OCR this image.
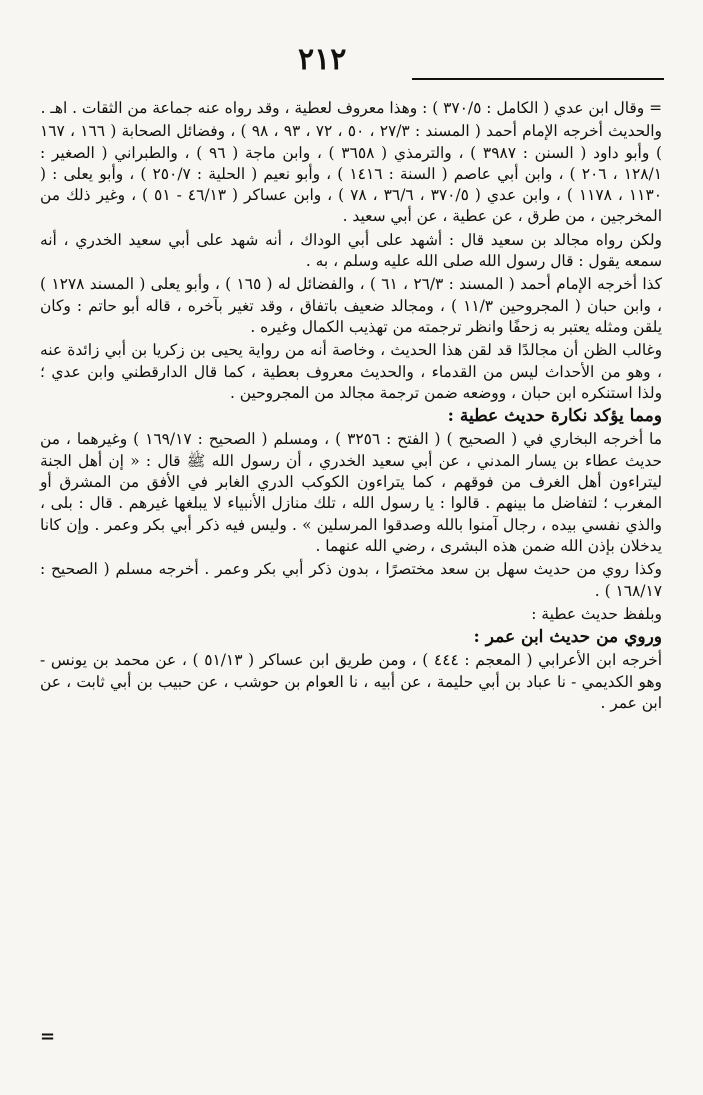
٢١٢

= وقال ابن عدي ( الكامل : ٣٧٠/٥ ) : وهذا معروف لعطية ، وقد رواه عنه جماعة من الثقات . اهـ .

والحديث أخرجه الإمام أحمد ( المسند : ٢٧/٣ ، ٥٠ ، ٧٢ ، ٩٣ ، ٩٨ ) ، وفضائل الصحابة ( ١٦٦ ، ١٦٧ ) وأبو داود ( السنن : ٣٩٨٧ ) ، والترمذي ( ٣٦٥٨ ) ، وابن ماجة ( ٩٦ ) ، والطبراني ( الصغير : ١٢٨/١ ، ٢٠٦ ) ، وابن أبي عاصم ( السنة : ١٤١٦ ) ، وأبو نعيم ( الحلية : ٢٥٠/٧ ) ، وأبو يعلى : ( ١١٣٠ ، ١١٧٨ ) ، وابن عدي ( ٣٧٠/٥ ، ٣٦/٦ ، ٧٨ ) ، وابن عساكر ( ٤٦/١٣ - ٥١ ) ، وغير ذلك من المخرجين ، من طرق ، عن عطية ، عن أبي سعيد .

ولكن رواه مجالد بن سعيد قال : أشهد على أبي الوداك ، أنه شهد على أبي سعيد الخدري ، أنه سمعه يقول : قال رسول الله صلى الله عليه وسلم ، به .

كذا أخرجه الإمام أحمد ( المسند : ٢٦/٣ ، ٦١ ) ، والفضائل له ( ١٦٥ ) ، وأبو يعلى ( المسند ١٢٧٨ ) ، وابن حبان ( المجروحين ١١/٣ ) ، ومجالد ضعيف باتفاق ، وقد تغير بآخره ، قاله أبو حاتم : وكان يلقن ومثله يعتبر به زحفًا وانظر ترجمته من تهذيب الكمال وغيره .

وغالب الظن أن مجالدًا قد لقن هذا الحديث ، وخاصة أنه من رواية يحيى بن زكريا بن أبي زائدة عنه ، وهو من الأحداث ليس من القدماء ، والحديث معروف بعطية ، كما قال الدارقطني وابن عدي ؛ ولذا استنكره ابن حبان ، ووضعه ضمن ترجمة مجالد من المجروحين .

ومما يؤكد نكارة حديث عطية :

ما أخرجه البخاري في ( الصحيح ) ( الفتح : ٣٢٥٦ ) ، ومسلم ( الصحيح : ١٦٩/١٧ ) وغيرهما ، من حديث عطاء بن يسار المدني ، عن أبي سعيد الخدري ، أن رسول الله ﷺ قال : « إن أهل الجنة ليتراءون أهل الغرف من فوقهم ، كما يتراءون الكوكب الدري الغابر في الأفق من المشرق أو المغرب ؛ لتفاضل ما بينهم . قالوا : يا رسول الله ، تلك منازل الأنبياء لا يبلغها غيرهم . قال : بلى ، والذي نفسي بيده ، رجال آمنوا بالله وصدقوا المرسلين » . وليس فيه ذكر أبي بكر وعمر . وإن كانا يدخلان بإذن الله ضمن هذه البشرى ، رضي الله عنهما .

وكذا روي من حديث سهل بن سعد مختصرًا ، بدون ذكر أبي بكر وعمر . أخرجه مسلم ( الصحيح : ١٦٨/١٧ ) .

وبلفظ حديث عطية :

وروي من حديث ابن عمر :

أخرجه ابن الأعرابي ( المعجم : ٤٤٤ ) ، ومن طريق ابن عساكر ( ٥١/١٣ ) ، عن محمد بن يونس - وهو الكديمي - نا عباد بن أبي حليمة ، عن أبيه ، نا العوام بن حوشب ، عن حبيب بن أبي ثابت ، عن ابن عمر .

=
